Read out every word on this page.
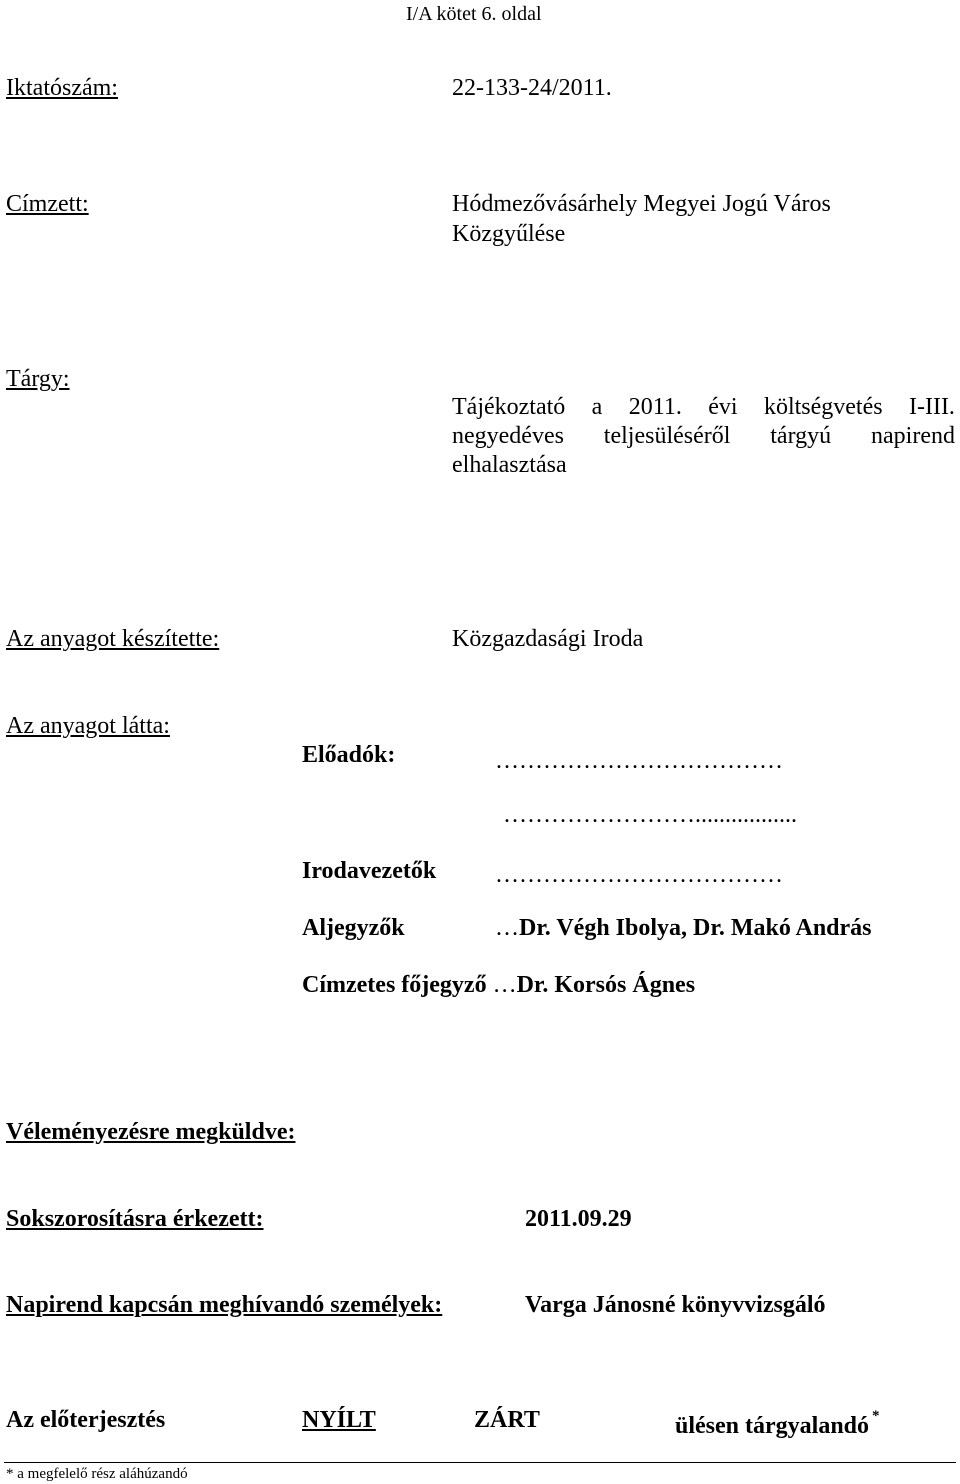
I/A kötet 6. oldal
Iktatószám:	22-133-24/2011.
Címzett:	Hódmezővásárhely Megyei Jogú Város
Közgyűlése
Tárgy:
Tájékoztató a 2011. évi költségvetés I-III.
negyedéves teljesüléséről tárgyú napirend
elhalasztása
Az anyagot készítette:	Közgazdasági Iroda
Az anyagot látta:
Előadók:	………………………………
…………………….................
Irodavezetők ………………………………
Aljegyzők	…Dr. Végh Ibolya, Dr. Makó András
Címzetes főjegyző …Dr. Korsós Ágnes
Véleményezésre megküldve:
Sokszorosításra érkezett:	2011.09.29
Napirend kapcsán meghívandó személyek:	Varga Jánosné könyvvizsgáló
Az előterjesztés	NYÍLT	ZÁRT	ülésen tárgyalandó *
* a megfelelő rész aláhúzandó
